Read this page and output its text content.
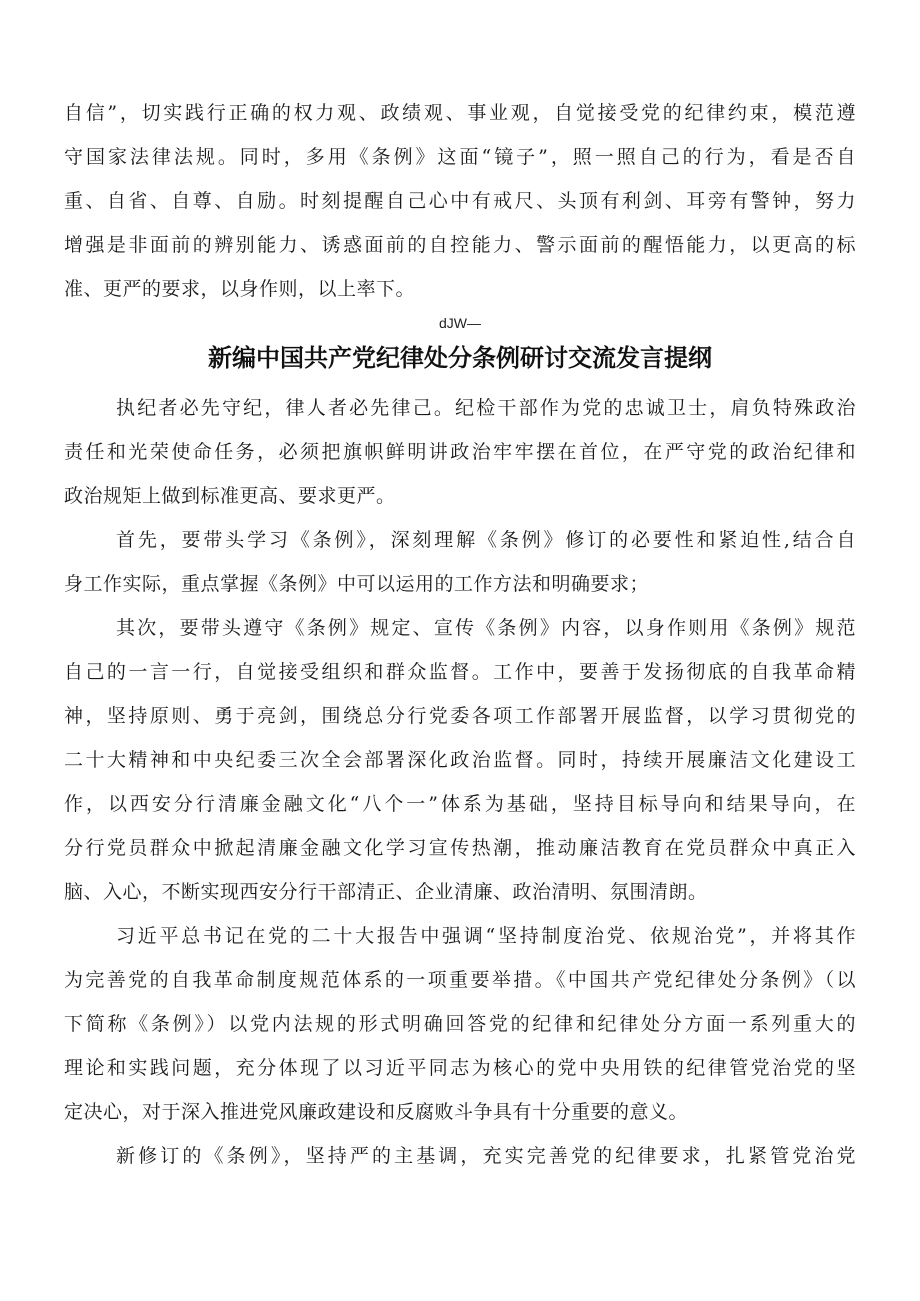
自信”，切实践行正确的权力观、政绩观、事业观，自觉接受党的纪律约束，模范遵
守国家法律法规。同时，多用《条例》这面“镜子”，照一照自己的行为，看是否自
重、自省、自尊、自励。时刻提醒自己心中有戒尺、头顶有利剑、耳旁有警钟，努力
增强是非面前的辨别能力、诱惑面前的自控能力、警示面前的醒悟能力，以更高的标
准、更严的要求，以身作则，以上率下。
dJW—
新编中国共产党纪律处分条例研讨交流发言提纲
执纪者必先守纪，律人者必先律己。纪检干部作为党的忠诚卫士，肩负特殊政治
责任和光荣使命任务，必须把旗帜鲜明讲政治牢牢摆在首位，在严守党的政治纪律和
政治规矩上做到标准更高、要求更严。
首先，要带头学习《条例》，深刻理解《条例》修订的必要性和紧迫性,结合自
身工作实际，重点掌握《条例》中可以运用的工作方法和明确要求；
其次，要带头遵守《条例》规定、宣传《条例》内容，以身作则用《条例》规范
自己的一言一行，自觉接受组织和群众监督。工作中，要善于发扬彻底的自我革命精
神，坚持原则、勇于亮剑，围绕总分行党委各项工作部署开展监督，以学习贯彻党的
二十大精神和中央纪委三次全会部署深化政治监督。同时，持续开展廉洁文化建设工
作，以西安分行清廉金融文化“八个一”体系为基础，坚持目标导向和结果导向，在
分行党员群众中掀起清廉金融文化学习宣传热潮，推动廉洁教育在党员群众中真正入
脑、入心，不断实现西安分行干部清正、企业清廉、政治清明、氛围清朗。
习近平总书记在党的二十大报告中强调“坚持制度治党、依规治党”，并将其作
为完善党的自我革命制度规范体系的一项重要举措。《中国共产党纪律处分条例》（以
下简称《条例》）以党内法规的形式明确回答党的纪律和纪律处分方面一系列重大的
理论和实践问题，充分体现了以习近平同志为核心的党中央用铁的纪律管党治党的坚
定决心，对于深入推进党风廉政建设和反腐败斗争具有十分重要的意义。
新修订的《条例》，坚持严的主基调，充实完善党的纪律要求，扎紧管党治党
